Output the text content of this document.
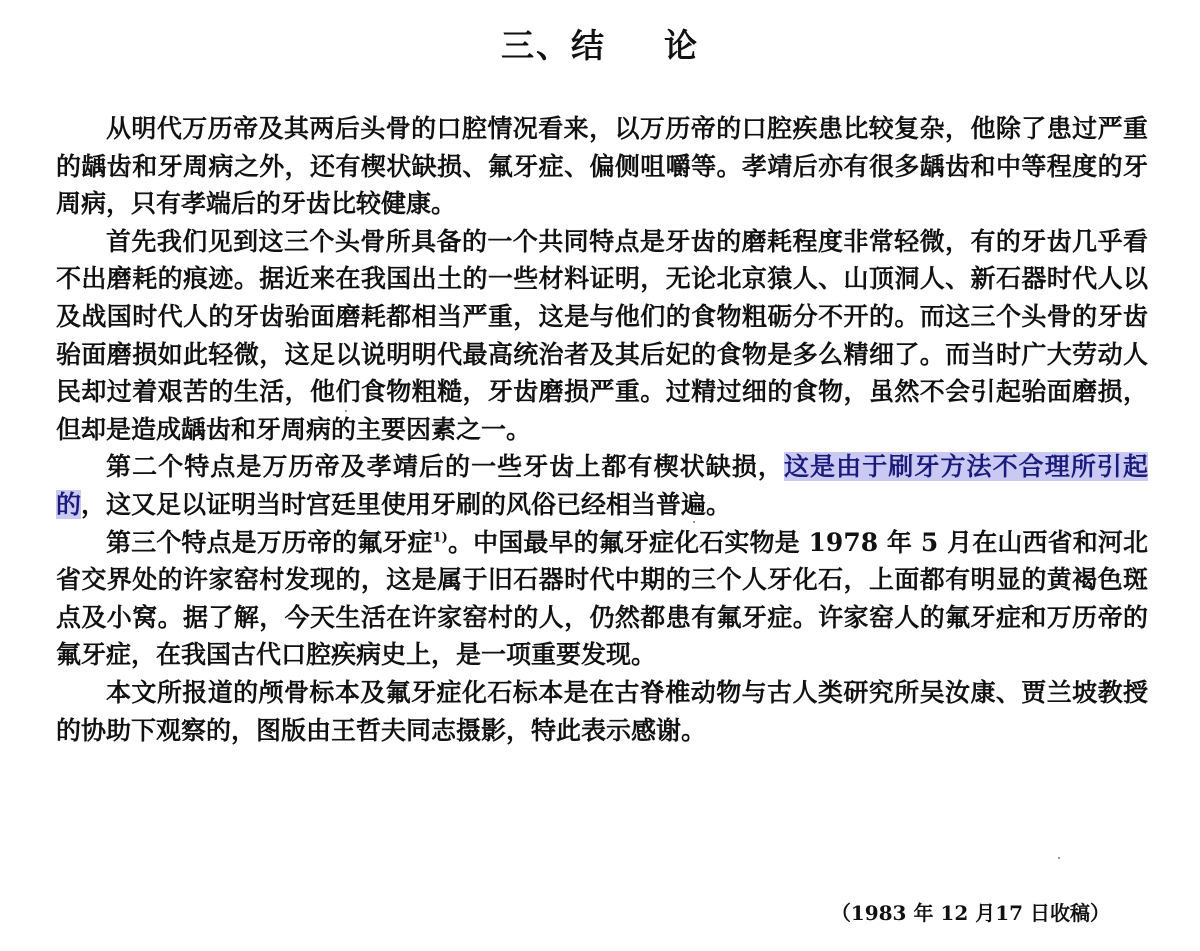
三、结 论

从明代万历帝及其两后头骨的口腔情况看来，以万历帝的口腔疾患比较复杂，他除了患过严重的龋齿和牙周病之外，还有楔状缺损、氟牙症、偏侧咀嚼等。孝靖后亦有很多龋齿和中等程度的牙周病，只有孝端后的牙齿比较健康。

首先我们见到这三个头骨所具备的一个共同特点是牙齿的磨耗程度非常轻微，有的牙齿几乎看不出磨耗的痕迹。据近来在我国出土的一些材料证明，无论北京猿人、山顶洞人、新石器时代人以及战国时代人的牙齿骀面磨耗都相当严重，这是与他们的食物粗砺分不开的。而这三个头骨的牙齿骀面磨损如此轻微，这足以说明明代最高统治者及其后妃的食物是多么精细了。而当时广大劳动人民却过着艰苦的生活，他们食物粗糙，牙齿磨损严重。过精过细的食物，虽然不会引起骀面磨损，但却是造成龋齿和牙周病的主要因素之一。

第二个特点是万历帝及孝靖后的一些牙齿上都有楔状缺损，这是由于刷牙方法不合理所引起的，这又足以证明当时宫廷里使用牙刷的风俗已经相当普遍。

第三个特点是万历帝的氟牙症$^{1)}$。中国最早的氟牙症化石实物是 1978 年 5 月在山西省和河北省交界处的许家窑村发现的，这是属于旧石器时代中期的三个人牙化石，上面都有明显的黄褐色斑点及小窝。据了解，今天生活在许家窑村的人，仍然都患有氟牙症。许家窑人的氟牙症和万历帝的氟牙症，在我国古代口腔疾病史上，是一项重要发现。

本文所报道的颅骨标本及氟牙症化石标本是在古脊椎动物与古人类研究所吴汝康、贾兰坡教授的协助下观察的，图版由王哲夫同志摄影，特此表示感谢。

（1983 年 12 月17 日收稿）
